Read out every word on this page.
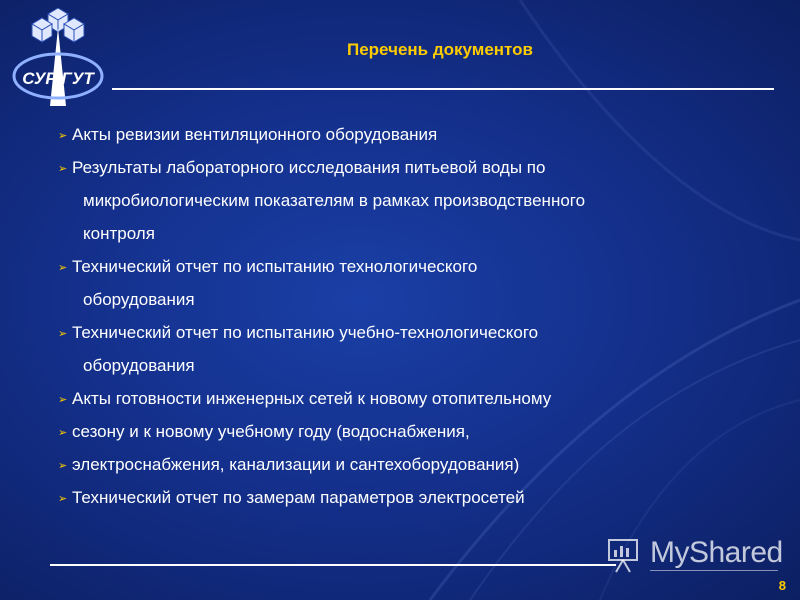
СУР ГУТ
Перечень документов
➢ Акты ревизии вентиляционного оборудования
➢ Результаты лабораторного исследования питьевой воды по
микробиологическим показателям в рамках производственного
контроля
➢ Технический отчет по испытанию технологического
оборудования
➢ Технический отчет по испытанию учебно-технологического
оборудования
➢ Акты готовности инженерных сетей к новому отопительному
➢ сезону и к новому учебному году (водоснабжения,
➢ электроснабжения, канализации и сантехоборудования)
➢ Технический отчет по замерам параметров электросетей
MyShared
8
